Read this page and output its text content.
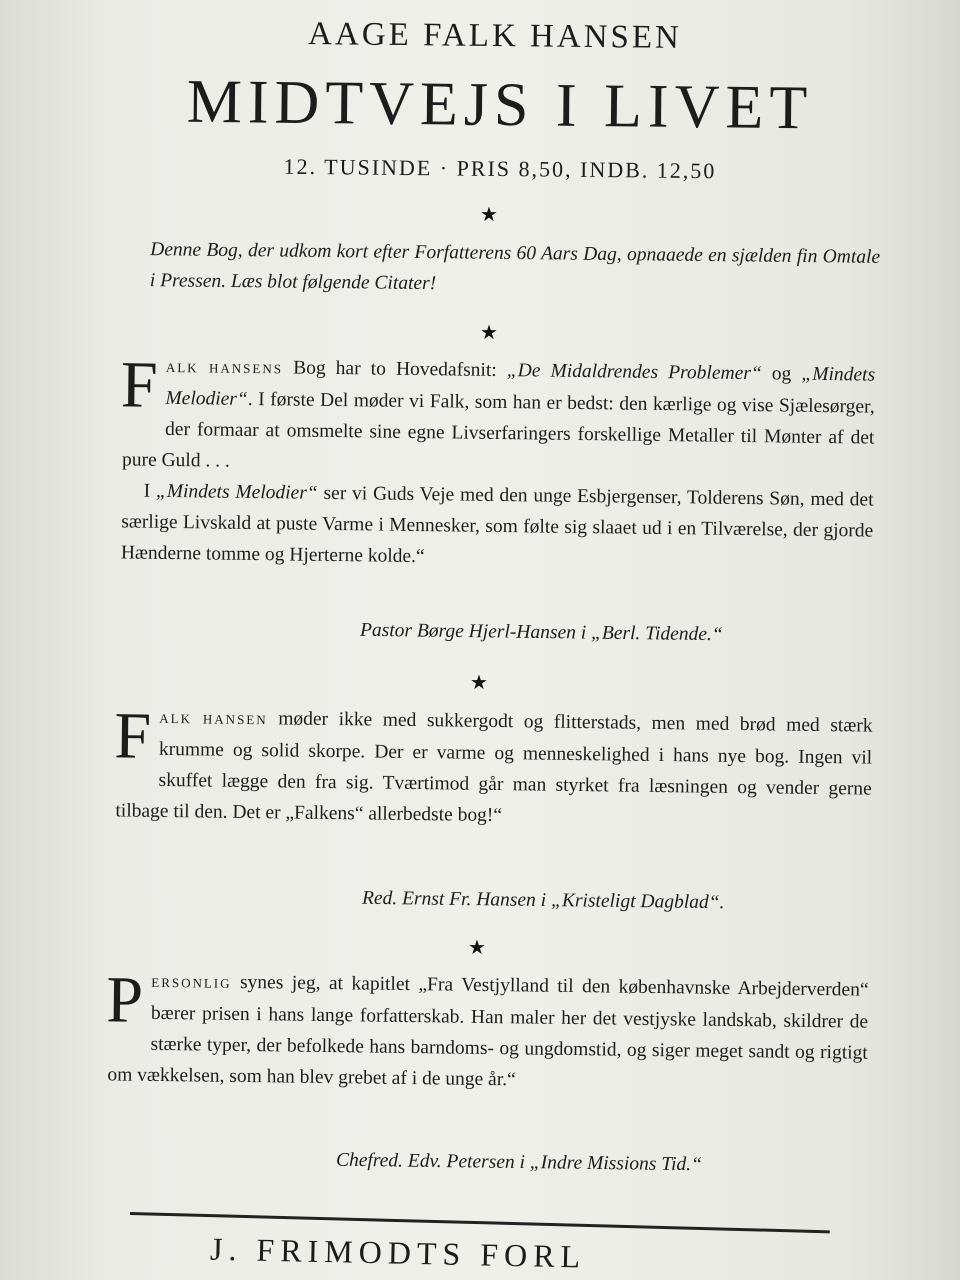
AAGE FALK HANSEN
MIDTVEJS I LIVET
12. TUSINDE · PRIS 8,50, INDB. 12,50
★
Denne Bog, der udkom kort efter Forfatterens 60 Aars Dag, opnaaede en sjælden fin Omtale i Pressen. Læs blot følgende Citater!
★
FALK HANSENS Bog har to Hovedafsnit: „De Midaldrendes Problemer“ og „Mindets Melodier“. I første Del møder vi Falk, som han er bedst: den kærlige og vise Sjælesørger, der formaar at omsmelte sine egne Livserfaringers forskellige Metaller til Mønter af det pure Guld . . .
I „Mindets Melodier“ ser vi Guds Veje med den unge Esbjergenser, Tolderens Søn, med det særlige Livskald at puste Varme i Mennesker, som følte sig slaaet ud i en Tilværelse, der gjorde Hænderne tomme og Hjerterne kolde.“
Pastor Børge Hjerl-Hansen i „Berl. Tidende.“
★
FALK HANSEN møder ikke med sukkergodt og flitterstads, men med brød med stærk krumme og solid skorpe. Der er varme og menneskelighed i hans nye bog. Ingen vil skuffet lægge den fra sig. Tværtimod går man styrket fra læsningen og vender gerne tilbage til den. Det er „Falkens“ allerbedste bog!“
Red. Ernst Fr. Hansen i „Kristeligt Dagblad“.
★
PERSONLIG synes jeg, at kapitlet „Fra Vestjylland til den københavnske Arbejderverden“ bærer prisen i hans lange forfatterskab. Han maler her det vestjyske landskab, skildrer de stærke typer, der befolkede hans barndoms- og ungdomstid, og siger meget sandt og rigtigt om vækkelsen, som han blev grebet af i de unge år.“
Chefred. Edv. Petersen i „Indre Missions Tid.“
J. FRIMODTS FORL
